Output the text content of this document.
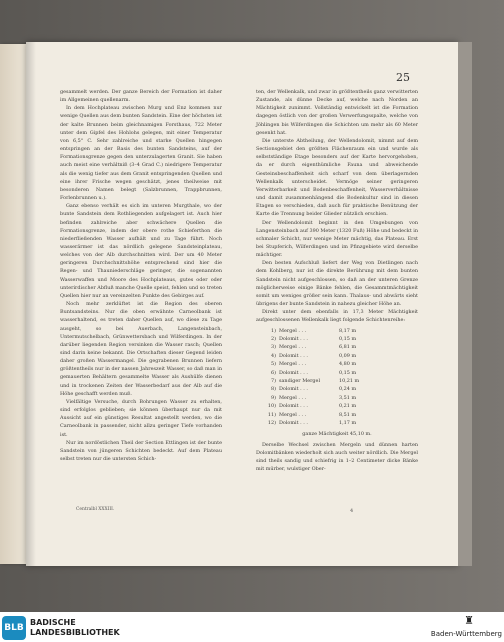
25

gesammelt werden. Der ganze Bereich der Formation ist daher im Allgemeinen quellenarm.

In dem Hochplateau zwischen Murg und Enz kommen nur wenige Quellen aus dem bunten Sandstein. Eine der höchsten ist der kalte Brunnen beim gleichnamigen Forsthaus, 722 Meter unter dem Gipfel des Hohlohs gelegen, mit einer Temperatur von 6,5° C. Sehr zahlreiche und starke Quellen hingegen entspringen an der Basis des bunten Sandsteins, auf der Formationsgrenze gegen den unterzulagerten Granit. Sie haben auch meist eine verhältniß (3–4 Grad C.) niedrigere Temperatur als die wenig tiefer aus dem Granit entspringenden Quellen und eine ihrer Frische wegen geschätzt, jenes theilweise mit besonderen Namen belegt (Salzbrunnen, Trappbrunnen, Forlenbrunnen u.).

Ganz ebenso verhält es sich im unteren Murgthale, wo der bunte Sandstein dem Rothliegenden aufgelagert ist. Auch hier befinden zahlreiche aber schwächere Quellen die Formationsgrenze, indem der obere rothe Schieferthon die niederfließenden Wasser aufhält und zu Tage führt. Noch wasserärmer ist das nördlich gelegene Sandsteinplateau, welches von der Alb durchschnitten wird. Der um 40 Meter geringeren Durchschnittshöhe entsprechend sind hier die Regen- und Thauniederschläge geringer, die sogenannten Wasserwaffen und Moore des Hochplateaus, gutes oder oder unterirdischer Abfluß manche Quelle speist, fehlen und so treten Quellen hier nur an vereinzelten Punkte des Gebirges auf.

Noch mehr zerklüftet ist die Region des oberen Buntsandsteins. Nur die oben erwähnte Carneolbank ist wasserhaltend, es treten daher Quellen auf, wo diese zu Tage ausgeht, so bei Auerbach, Langensteinbach, Untermutschelbach, Grünwettersbach und Wilferdingen. In der darüber liegenden Region versinken die Wasser rasch; Quellen sind darin keine bekannt. Die Ortschaften dieser Gegend leiden daher großen Wassermangel. Die gegrabenen Brunnen liefern größtentheils nur in der nassen Jahreszeit Wasser, so daß man in gemauerten Behältern gesammelte Wasser als Aushülfe dienen und in trockenen Zeiten der Wasserbedarf aus der Alb auf die Höhe geschafft werden muß.

Vielfältige Versuche, durch Bohrungen Wasser zu erhalten, sind erfolglos geblieben; sie können überhaupt nur da mit Aussicht auf ein günstiges Resultat angestellt werden, wo die Carneolbank in passender, nicht allzu geringer Tiefe vorhanden ist.

Nur im nordöstlichen Theil der Section Ettlingen ist der bunte Sandstein von jüngeren Schichten bedeckt. Auf dem Plateau selbst treten nur die untersten Schich-

ten, der Wellenkalk, und zwar in größtentheils ganz verwitterten Zustande, als dünne Decke auf, welche nach Norden an Mächtigkeit zunimmt. Vollständig entwickelt ist die Formation dagegen östlich von der großen Verwerfungsspalte, welche von Jöhlingen bis Wilferdingen die Schichten um mehr als 60 Meter gesenkt hat.

Die unterste Abtheilung, der Wellendolomit, nimmt auf dem Sectionsgebiet den größten Flächenraum ein und wurde als selbstständige Etage besonders auf der Karte hervorgehoben, da er durch eigenthümliche Fauna und abweichende Gesteinsbeschaffenheit sich scharf von dem überlagernden Wellenkalk unterscheidet. Vermöge seiner geringeren Verwitterbarkeit und Bodenbeschaffenheit, Wasserverhältnisse und damit zusammenhängend die Bodenkultur sind in diesen Etagen so verschieden, daß auch für praktische Benützung der Karte die Trennung beider Glieder nützlich erschien.

Der Wellendolomit beginnt in den Umgebungen von Langensteinbach auf 390 Meter (1320 Fuß) Höhe und bedeckt in schmaler Schicht, nur wenige Meter mächtig, das Plateau. Erst bei Stupferich, Wilferdingen und im Pfinzgebiete wird derselbe mächtiger.

Den besten Aufschluß liefert der Weg von Dietlingen nach dem Kohlberg, nur ist die direkte Berührung mit dem bunten Sandstein nicht aufgeschlossen, so daß an der unteren Grenze möglicherweise einige Bänke fehlen, die Gesammtmächtigkeit somit um weniges größer sein kann. Thalaus- und abwärts sieht übrigens der bunte Sandstein in nahezu gleicher Höhe an.

Direkt unter dem ebenfalls in 17,3 Meter Mächtigkeit aufgeschlossenen Wellenkalk liegt folgende Schichtenreihe:

1) Mergel . . .	8,17 m
2) Dolomit . . .	0,15 m
3) Mergel . . .	6,81 m
4) Dolomit . . .	0,09 m
5) Mergel . . .	4,80 m
6) Dolomit . . .	0,15 m
7) sandiger Mergel	10,21 m
8) Dolomit . . .	0,24 m
9) Mergel . . .	3,51 m
10) Dolomit . . .	0,21 m
11) Mergel . . .	8,51 m
12) Dolomit . . .	1,17 m
ganze Mächtigkeit 45,10 m.

Derselbe Wechsel zwischen Mergeln und dünnen harten Dolomitbänken wiederholt sich auch weiter nördlich. Die Mergel sind theils sandig und schiefrig in 1–2 Centimeter dicke Bänke mit mürber, wulstiger Ober-

Centralbl XXXIII.	4
BLB
BADISCHE
LANDESBIBLIOTHEK
♜
Baden-Württemberg
